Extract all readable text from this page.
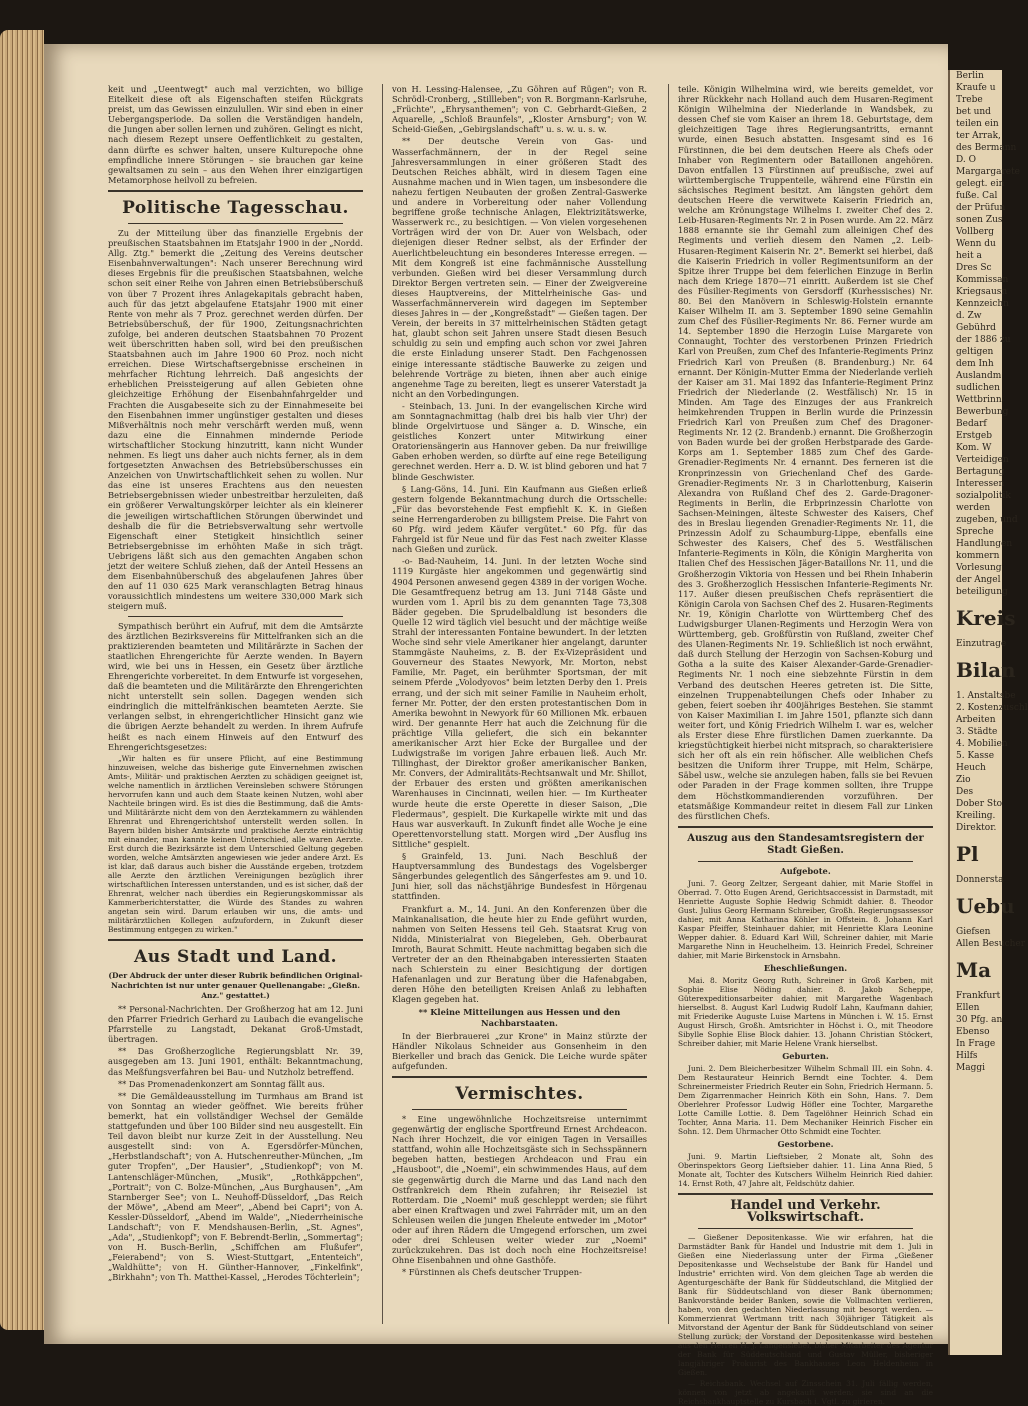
keit und „Ueentwegt" auch mal verzichten, wo billige Eitelkeit diese oft als Eigenschaften steifen Rückgrats preist, um das Gewissen einzulullen. Wir sind eben in einer Uebergangsperiode. Da sollen die Verständigen handeln, die Jungen aber sollen lernen und zuhören. Gelingt es nicht, nach diesem Rezept unsere Oeffentlichkeit zu gestalten, dann dürfte es schwer halten, unsere Kulturepoche ohne empfindliche innere Störungen – sie brauchen gar keine gewaltsamen zu sein – aus den Wehen ihrer einzigartigen Metamorphose heilvoll zu befreien.

Politische Tagesschau.

Zu der Mitteilung über das finanzielle Ergebnis der preußischen Staatsbahnen im Etatsjahr 1900 in der „Nordd. Allg. Ztg." bemerkt die „Zeitung des Vereins deutscher Eisenbahnverwaltungen": Nach unserer Berechnung wird dieses Ergebnis für die preußischen Staatsbahnen, welche schon seit einer Reihe von Jahren einen Betriebsüberschuß von über 7 Prozent ihres Anlagekapitals gebracht haben, auch für das jetzt abgelaufene Etatsjahr 1900 mit einer Rente von mehr als 7 Proz. gerechnet werden dürfen. Der Betriebsüberschuß, der für 1900, Zeitungsnachrichten zufolge, bei anderen deutschen Staatsbahnen 70 Prozent weit überschritten haben soll, wird bei den preußischen Staatsbahnen auch im Jahre 1900 60 Proz. noch nicht erreichen. Diese Wirtschaftsergebnisse erscheinen in mehrfacher Richtung lehrreich. Daß angesichts der erheblichen Preissteigerung auf allen Gebieten ohne gleichzeitige Erhöhung der Eisenbahnfahrgelder und Frachten die Ausgabeseite sich zu der Einnahmeseite bei den Eisenbahnen immer ungünstiger gestalten und dieses Mißverhältnis noch mehr verschärft werden muß, wenn dazu eine die Einnahmen mindernde Periode wirtschaftlicher Stockung hinzutritt, kann nicht Wunder nehmen. Es liegt uns daher auch nichts ferner, als in dem fortgesetzten Anwachsen des Betriebsüberschusses ein Anzeichen von Unwirtschaftlichkeit sehen zu wollen. Nur das eine ist unseres Erachtens aus den neuesten Betriebsergebnissen wieder unbestreitbar herzuleiten, daß ein größerer Verwaltungskörper leichter als ein kleinerer die jeweiligen wirtschaftlichen Störungen überwindet und deshalb die für die Betriebsverwaltung sehr wertvolle Eigenschaft einer Stetigkeit hinsichtlich seiner Betriebsergebnisse im erhöhten Maße in sich trägt. Uebrigens läßt sich aus den gemachten Angaben schon jetzt der weitere Schluß ziehen, daß der Anteil Hessens an dem Eisenbahnüberschuß des abgelaufenen Jahres über den auf 11 030 625 Mark veranschlagten Betrag hinaus voraussichtlich mindestens um weitere 330,000 Mark sich steigern muß.

Sympathisch berührt ein Aufruf, mit dem die Amtsärzte des ärztlichen Bezirksvereins für Mittelfranken sich an die praktizierenden beamteten und Militärärzte in Sachen der staatlichen Ehrengerichte für Aerzte wenden. In Bayern wird, wie bei uns in Hessen, ein Gesetz über ärztliche Ehrengerichte vorbereitet. In dem Entwurfe ist vorgesehen, daß die beamteten und die Militärärzte den Ehrengerichten nicht unterstellt sein sollen. Dagegen wenden sich eindringlich die mittelfränkischen beamteten Aerzte. Sie verlangen selbst, in ehrengerichtlicher Hinsicht ganz wie die übrigen Aerzte behandelt zu werden. In ihrem Aufrufe heißt es nach einem Hinweis auf den Entwurf des Ehrengerichtsgesetzes:

„Wir halten es für unsere Pflicht, auf eine Bestimmung hinzuweisen, welche das bisherige gute Einvernehmen zwischen Amts-, Militär- und praktischen Aerzten zu schädigen geeignet ist, welche namentlich in ärztlichen Vereinsleben schwere Störungen hervorrufen kann und auch dem Staate keinen Nutzen, wohl aber Nachteile bringen wird. Es ist dies die Bestimmung, daß die Amts- und Militärärzte nicht dem von den Aerztekammern zu wählenden Ehrenrat und Ehrengerichtshof unterstellt werden sollen. In Bayern bilden bisher Amtsärzte und praktische Aerzte einträchtig mit einander, man kannte keinen Unterschied, alle waren Aerzte. Erst durch die Bezirksärzte ist dem Unterschied Geltung gegeben worden, welche Amtsärzten angewiesen wie jeder andere Arzt. Es ist klar, daß daraus auch bisher die Ausstände ergeben, trotzdem alle Aerzte den ärztlichen Vereinigungen bezüglich ihrer wirtschaftlichen Interessen unterstanden, und es ist sicher, daß der Ehrenrat, welcher nach überdies ein Regierungskommissar als Kammerberichterstatter, die Würde des Standes zu wahren angetan sein wird. Darum erlauben wir uns, die amts- und militärärztlichen Kollegen aufzufordern, in Zukunft dieser Bestimmung entgegen zu wirken."

Aus Stadt und Land.
(Der Abdruck der unter dieser Rubrik befindlichen Original-Nachrichten ist nur unter genauer Quellenangabe: „Gießn. Anz." gestattet.)

** Personal-Nachrichten. Der Großherzog hat am 12. Juni den Pfarrer Friedrich Gerhard zu Laubach die evangelische Pfarrstelle zu Langstadt, Dekanat Groß-Umstadt, übertragen.

** Das Großherzogliche Regierungsblatt Nr. 39, ausgegeben am 13. Juni 1901, enthält: Bekanntmachung, das Meßfungsverfahren bei Bau- und Nutzholz betreffend.

** Das Promenadenkonzert am Sonntag fällt aus.

** Die Gemäldeausstellung im Turmhaus am Brand ist von Sonntag an wieder geöffnet. Wie bereits früher bemerkt, hat ein vollständiger Wechsel der Gemälde stattgefunden und über 100 Bilder sind neu ausgestellt. Ein Teil davon bleibt nur kurze Zeit in der Ausstellung. Neu ausgestellt sind: von A. Egersdörfer-München, „Herbstlandschaft"; von A. Hutschenreuther-München, „Im guter Tropfen", „Der Hausier", „Studienkopf"; von M. Lantenschläger-München, „Musik", „Rothkäppchen", „Portrait"; von C. Bolze-München, „Aus Burghausen", „Am Starnberger See"; von L. Neuhoff-Düsseldorf, „Das Reich der Möwe", „Abend am Meer", „Abend bei Capri"; von A. Kessler-Düsseldorf, „Abend im Walde", „Niederrheinische Landschaft"; von F. Mendshausen-Berlin, „St. Agnes", „Ada", „Studienkopf"; von F. Bebrendt-Berlin, „Sommertag"; von H. Busch-Berlin, „Schiffchen am Flußufer", „Feierabend"; von S. Wiest-Stuttgart, „Ententeich", „Waldhütte"; von H. Günther-Hannover, „Finkelfink", „Birkhahn"; von Th. Matthei-Kassel, „Herodes Töchterlein";

von H. Lessing-Halensee, „Zu Göhren auf Rügen"; von R. Schrödl-Cronberg, „Stillleben"; von R. Borgmann-Karlsruhe, „Früchte", „Ehrysanthemen"; von C. Gebrhardt-Gießen, 2 Aquarelle, „Schloß Braunfels", „Kloster Arnsburg"; von W. Scheid-Gießen, „Gebirgslandschaft" u. s. w. u. s. w.

** Der deutsche Verein von Gas- und Wasserfachmännern, der in der Regel seine Jahresversammlungen in einer größeren Stadt des Deutschen Reiches abhält, wird in diesem Tagen eine Ausnahme machen und in Wien tagen, um insbesondere die nahezu fertigen Neubauten der großen Zentral-Gaswerke und andere in Vorbereitung oder naher Vollendung begriffene große technische Anlagen, Elektrizitätswerke, Wasserwerk rc., zu besichtigen. — Von vielen vorgesehenen Vorträgen wird der von Dr. Auer von Welsbach, oder diejenigen dieser Redner selbst, als der Erfinder der Auerlichtbeleuchtung ein besonderes Interesse erregen. — Mit dem Kongreß ist eine fachmännische Ausstellung verbunden. Gießen wird bei dieser Versammlung durch Direktor Bergen vertreten sein. — Einer der Zweigvereine dieses Hauptvereins, der Mittelrheinische Gas- und Wasserfachmännerverein wird dagegen im September dieses Jahres in — der „Kongreßstadt" — Gießen tagen. Der Verein, der bereits in 37 mittelrheinischen Städten getagt hat, glaubt schon seit Jahren unsere Stadt diesen Besuch schuldig zu sein und empfing auch schon vor zwei Jahren die erste Einladung unserer Stadt. Den Fachgenossen einige interessante städtische Bauwerke zu zeigen und belehrende Vorträge zu bieten, ihnen aber auch einige angenehme Tage zu bereiten, liegt es unserer Vaterstadt ja nicht an den Vorbedingungen.

- Steinbach, 13. Juni. In der evangelischen Kirche wird am Sonntagnachmittag (halb drei bis halb vier Uhr) der blinde Orgelvirtuose und Sänger a. D. Winsche, ein geistliches Konzert unter Mitwirkung einer Oratoriensängerin aus Hannover geben. Da nur freiwillige Gaben erhoben werden, so dürfte auf eine rege Beteiligung gerechnet werden. Herr a. D. W. ist blind geboren und hat 7 blinde Geschwister.

§ Lang-Göns, 14. Juni. Ein Kaufmann aus Gießen erließ gestern folgende Bekanntmachung durch die Ortsschelle: „Für das bevorstehende Fest empfiehlt K. K. in Gießen seine Herrengarderoben zu billigstem Preise. Die Fahrt von 60 Pfg. wird jedem Käufer vergütet." 60 Pfg. für das Fahrgeld ist für Neue und für das Fest nach zweiter Klasse nach Gießen und zurück.

-o- Bad-Nauheim, 14. Juni. In der letzten Woche sind 1119 Kurgäste hier angekommen und gegenwärtig sind 4904 Personen anwesend gegen 4389 in der vorigen Woche. Die Gesamtfrequenz betrug am 13. Juni 7148 Gäste und wurden vom 1. April bis zu dem genannten Tage 73,308 Bäder gegeben. Die Sprudelbaldlung ist besonders die Quelle 12 wird täglich viel besucht und der mächtige weiße Strahl der interessanten Fontaine bewundert. In der letzten Woche sind sehr viele Amerikaner hier angelangt, darunter Stammgäste Nauheims, z. B. der Ex-Vizepräsident und Gouverneur des Staates Newyork, Mr. Morton, nebst Familie, Mr. Paget, ein berühmter Sportsman, der mit seinem Pferde „Volodyovos" beim letzten Derby den 1. Preis errang, und der sich mit seiner Familie in Nauheim erholt, ferner Mr. Potter, der den ersten protestantischen Dom in Amerika bewohnt in Newyork für 60 Millionen Mk. erbauen wird. Der genannte Herr hat auch die Zeichnung für die prächtige Villa geliefert, die sich ein bekannter amerikanischer Arzt hier Ecke der Burgallee und der Ludwigstraße im vorigen Jahre erbauen ließ. Auch Mr. Tillinghast, der Direktor großer amerikanischer Banken, Mr. Convers, der Admiralitäts-Rechtsanwalt und Mr. Shillot, der Erbauer des ersten und größten amerikanischen Warenhauses in Cincinnati, weilen hier. — Im Kurtheater wurde heute die erste Operette in dieser Saison, „Die Fledermaus", gespielt. Die Kurkapelle wirkte mit und das Haus war ausverkauft. In Zukunft findet alle Woche je eine Operettenvorstellung statt. Morgen wird „Der Ausflug ins Sittliche" gespielt.

§ Grainfeld, 13. Juni. Nach Beschluß der Hauptversammlung des Bundestags des Vogelsberger Sängerbundes gelegentlich des Sängerfestes am 9. und 10. Juni hier, soll das nächstjährige Bundesfest in Hörgenau stattfinden.

Frankfurt a. M., 14. Juni. An den Konferenzen über die Mainkanalisation, die heute hier zu Ende geführt wurden, nahmen von Seiten Hessens teil Geh. Staatsrat Krug von Nidda, Ministerialrat von Biegeleben, Geh. Oberbaurat Imroth, Baurat Schmitt. Heute nachmittag begaben sich die Vertreter der an den Rheinabgaben interessierten Staaten nach Schierstein zu einer Besichtigung der dortigen Hafenanlagen und zur Beratung über die Hafenabgaben, deren Höhe den beteiligten Kreisen Anlaß zu lebhaften Klagen gegeben hat.

** Kleine Mitteilungen aus Hessen und den Nachbarstaaten.

In der Bierbrauerei „zur Krone" in Mainz stürzte der Händler Nikolaus Schneider aus Gonsenheim in den Bierkeller und brach das Genick. Die Leiche wurde später aufgefunden.

Vermischtes.

* Eine ungewöhnliche Hochzeitsreise unternimmt gegenwärtig der englische Sportfreund Ernest Archdeacon. Nach ihrer Hochzeit, die vor einigen Tagen in Versailles stattfand, wohin alle Hochzeitsgäste sich in Sechsspännern begeben hatten, bestiegen Archdeacon und Frau ein „Hausboot", die „Noemi", ein schwimmendes Haus, auf dem sie gegenwärtig durch die Marne und das Land nach den Ostfrankreich dem Rhein zufahren; ihr Reiseziel ist Rotterdam. Die „Noemi" muß geschleppt werden; sie führt aber einen Kraftwagen und zwei Fahrräder mit, um an den Schleusen weilen die jungen Eheleute entweder im „Motor" oder auf ihren Rädern die Umgegend erforschen, um zwei oder drei Schleusen weiter wieder zur „Noemi" zurückzukehren. Das ist doch noch eine Hochzeitsreise! Ohne Eisenbahnen und ohne Gasthöfe.

* Fürstinnen als Chefs deutscher Truppen-

teile. Königin Wilhelmina wird, wie bereits gemeldet, vor ihrer Rückkehr nach Holland auch dem Husaren-Regiment Königin Wilhelmina der Niederlande in Wandsbek, zu dessen Chef sie vom Kaiser an ihrem 18. Geburtstage, dem gleichzeitigen Tage ihres Regierungsantritts, ernannt wurde, einen Besuch abstatten. Insgesamt sind es 16 Fürstinnen, die bei dem deutschen Heere als Chefs oder Inhaber von Regimentern oder Bataillonen angehören. Davon entfallen 13 Fürstinnen auf preußische, zwei auf württembergische Truppenteile, während eine Fürstin ein sächsisches Regiment besitzt. Am längsten gehört dem deutschen Heere die verwitwete Kaiserin Friedrich an, welche am Krönungstage Wilhelms I. zweiter Chef des 2. Leib-Husaren-Regiments Nr. 2 in Posen wurde. Am 22. März 1888 ernannte sie ihr Gemahl zum alleinigen Chef des Regiments und verlieh diesem den Namen „2. Leib-Husaren-Regiment Kaiserin Nr. 2". Bemerkt sei hierbei, daß die Kaiserin Friedrich in voller Regimentsuniform an der Spitze ihrer Truppe bei dem feierlichen Einzuge in Berlin nach dem Kriege 1870—71 einritt. Außerdem ist sie Chef des Füsilier-Regiments von Gersdorff (Kurhessisches) Nr. 80. Bei den Manövern in Schleswig-Holstein ernannte Kaiser Wilhelm II. am 3. September 1890 seine Gemahlin zum Chef des Füsilier-Regiments Nr. 86. Ferner wurde am 14. September 1890 die Herzogin Luise Margarete von Connaught, Tochter des verstorbenen Prinzen Friedrich Karl von Preußen, zum Chef des Infanterie-Regiments Prinz Friedrich Karl von Preußen (8. Brandenburg.) Nr. 64 ernannt. Der Königin-Mutter Emma der Niederlande verlieh der Kaiser am 31. Mai 1892 das Infanterie-Regiment Prinz Friedrich der Niederlande (2. Westfälisch) Nr. 15 in Minden. Am Tage des Einzuges der aus Frankreich heimkehrenden Truppen in Berlin wurde die Prinzessin Friedrich Karl von Preußen zum Chef des Dragoner-Regiments Nr. 12 (2. Brandenb.) ernannt. Die Großherzogin von Baden wurde bei der großen Herbstparade des Garde-Korps am 1. September 1885 zum Chef des Garde-Grenadier-Regiments Nr. 4 ernannt. Des ferneren ist die Kronprinzessin von Griechenland Chef des Garde-Grenadier-Regiments Nr. 3 in Charlottenburg, Kaiserin Alexandra von Rußland Chef des 2. Garde-Dragoner-Regiments in Berlin, die Erbprinzessin Charlotte von Sachsen-Meiningen, älteste Schwester des Kaisers, Chef des in Breslau liegenden Grenadier-Regiments Nr. 11, die Prinzessin Adolf zu Schaumburg-Lippe, ebenfalls eine Schwester des Kaisers, Chef des 5. Westfälischen Infanterie-Regiments in Köln, die Königin Margherita von Italien Chef des Hessischen Jäger-Bataillons Nr. 11, und die Großherzogin Viktoria von Hessen und bei Rhein Inhaberin des 3. Großherzoglich Hessischen Infanterie-Regiments Nr. 117. Außer diesen preußischen Chefs repräsentiert die Königin Carola von Sachsen Chef des 2. Husaren-Regiments Nr. 19, Königin Charlotte von Württemberg Chef des Ludwigsburger Ulanen-Regiments und Herzogin Wera von Württemberg, geb. Großfürstin von Rußland, zweiter Chef des Ulanen-Regiments Nr. 19. Schließlich ist noch erwähnt, daß durch Stellung der Herzogin von Sachsen-Koburg und Gotha a la suite des Kaiser Alexander-Garde-Grenadier-Regiments Nr. 1 noch eine siebzehnte Fürstin in dem Verband des deutschen Heeres getreten ist. Die Sitte, einzelnen Truppenabteilungen Chefs oder Inhaber zu geben, feiert soeben ihr 400jähriges Bestehen. Sie stammt von Kaiser Maximilian I. im Jahre 1501, pflanzte sich dann weiter fort, und König Friedrich Wilhelm I. war es, welcher als Erster diese Ehre fürstlichen Damen zuerkannte. Da kriegstüchtigkeit hierbei nicht mitsprach, so charakterisiere sich her oft als ein rein höfischer. Alle weiblichen Chefs besitzen die Uniform ihrer Truppe, mit Helm, Schärpe, Säbel usw., welche sie anzulegen haben, falls sie bei Revuen oder Paraden in der Frage kommen sollten, ihre Truppe dem Höchstkommandierenden vorzuführen. Der etatsmäßige Kommandeur reitet in diesem Fall zur Linken des fürstlichen Chefs.

Auszug aus den Standesamtsregistern der Stadt Gießen.
Aufgebote.

Juni. 7. Georg Zeltzer, Sergeant dahier, mit Marie Stoffel in Oberrad. 7. Otto Eugen Arend, Gerichtsaccessist in Darmstadt, mit Henriette Auguste Sophie Hedwig Schmidt dahier. 8. Theodor Gust. Julius Georg Hermann Schreiber, Großh. Regierungsassessor dahier, mit Anna Katharina Köhler in Offstein. 8. Johann Karl Kaspar Pfeiffer, Steinhauer dahier, mit Henriette Klara Leonine Wepper dahier. 8. Eduard Karl Will, Schreiner dahier, mit Marie Margarethe Ninn in Heuchelheim. 13. Heinrich Fredel, Schreiner dahier, mit Marie Birkenstock in Arnsbahn.

Eheschließungen.

Mai. 8. Moritz Georg Ruth, Schreiner in Groß Karben, mit Sophie Elise Nöding dahier. 8. Jakob Scheppe, Güterexpeditionsarbeiter dahier, mit Margarethe Wagenbach hierselbst. 8. August Karl Ludwig Rudolf Lahn, Kaufmann dahier, mit Friederike Auguste Luise Martens in München i. W. 15. Ernst August Hirsch, Großh. Amtsrichter in Höchst i. O., mit Theodore Sibylle Sophie Elise Block dahier. 13. Johann Christian Stöckert, Schreiber dahier, mit Marie Helene Vrank hierselbst.

Geburten.

Juni. 2. Dem Bleicherbesitzer Wilhelm Schmall III. ein Sohn. 4. Dem Restaurateur Heinrich Berndt eine Tochter. 4. Dem Schreinermeister Friedrich Reuter ein Sohn, Friedrich Hermann. 5. Dem Zigarrenmacher Heinrich Köth ein Sohn, Hans. 7. Dem Oberlehrer Professor Ludwig Höfler eine Tochter, Margarethe Lotte Camille Lottie. 8. Dem Tagelöhner Heinrich Schad ein Tochter, Anna Maria. 11. Dem Mechaniker Heinrich Fischer ein Sohn. 12. Dem Uhrmacher Otto Schmidt eine Tochter.

Gestorbene.

Juni. 9. Martin Lieftsieber, 2 Monate alt, Sohn des Oberinspektors Georg Lieftsieber dahier. 11. Lina Anna Ried, 5 Monate alt, Tochter des Kutschers Wilhelm Heinrich Ried dahier. 14. Ernst Roth, 47 Jahre alt, Feldschütz dahier.

Handel und Verkehr. Volkswirtschaft.

— Gießener Depositenkasse. Wie wir erfahren, hat die Darmstädter Bank für Handel und Industrie mit dem 1. Juli in Gießen eine Niederlassung unter der Firma „Gießener Depositenkasse und Wechselstube der Bank für Handel und Industrie" errichten wird. Von dem gleichen Tage ab werden die Agenturgeschäfte der Bank für Süddeutschland, die Mitglied der Bank für Süddeutschland von dieser Bank übernommen; Bankvorstände beider Banken, sowie die Vollmachten verlieren, haben, von den gedachten Niederlassung mit besorgt werden. — Kommerzienrat Wertmann tritt nach 30jähriger Tätigkeit als Mitvorstand der Agentur der Bank für Süddeutschland von seiner Stellung zurück; der Vorstand der Depositenkasse wird bestehen aus den Herren H. J. Langensiebel, bisher Mitarbeiter des Agentur der Bank für Süddeutschland und Gustav Müller, bisheriger langjähriger Prokurist des Bankhauses Leon Heldenheim in Gießen.

— Reichsbank. Wechsel auf Zinsschein 31. Juli fällig werden, können von jetzt ab angekauft werden; sie sind an die Reichsbankhauptstelle zu Kursbach i. Vgtl. zu girieren.

Berlin
Kraufe u
Trebe
bet und
teilen ein
ter Arrak,
des Bermann
D. O
Margargarete
gelegt. ein
fuße. Cal
der Prüfun
sonen Zus
Vollberg
Wenn du
heit a
Dres Sc
Kommissan
Kriegsausn
Kennzeichn
d. Zw
Gebührd
der 1886 zu
geltigen
dem Inh
Auslandm
sudlichen
Wettbrinn
Bewerbung
Bedarf
Erstgeb
Kom. W
Verteidigen
Bertagung
Interessen
sozialpolitik
werden
zugeben, und
Spreche
Handlungen
kommern
Vorlesung
der Angel
beteiligung
Kreis
Einzutrage
Bilan
1. Anstaltsbe
2. Kostenzuschl
Arbeiten
3. Städte
4. Mobilien
5. Kasse
Heuch
Zio
Des
Dober Sto
Kreiling.
Direktor.
Pl
Donnersta
Uebu
Giefsen
Allen Besucher
Ma
Frankfurt
Ellen
30 Pfg. an
Ebenso
In Frage
Hilfs
Maggi
